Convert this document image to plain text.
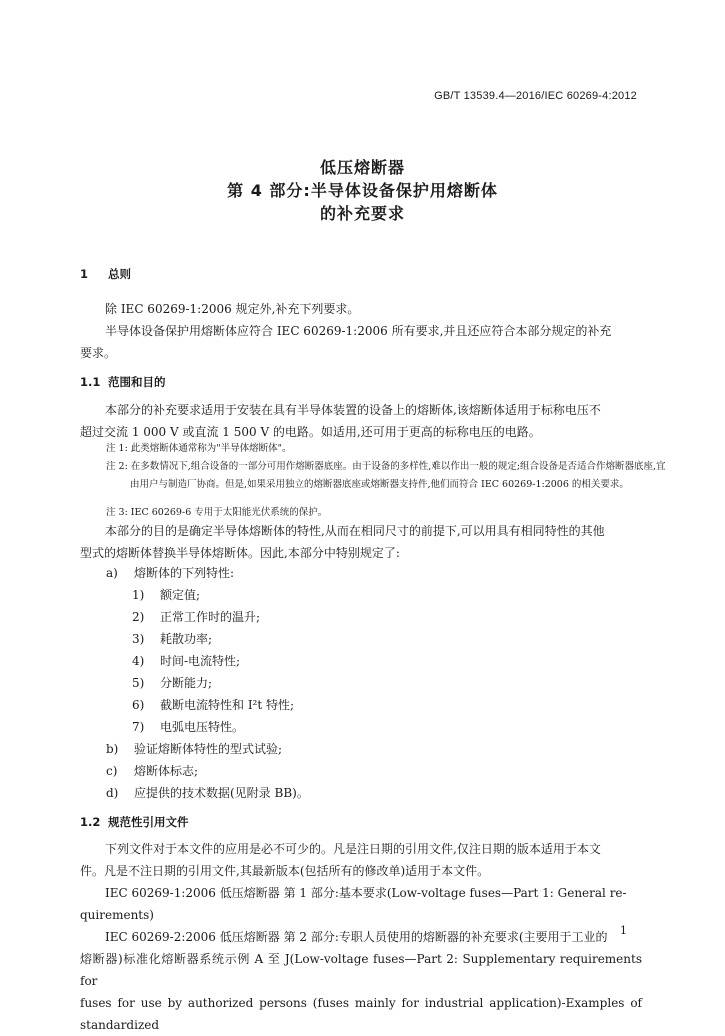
GB/T 13539.4—2016/IEC 60269-4:2012
低压熔断器
第 4 部分:半导体设备保护用熔断体
的补充要求
1 总则
除 IEC 60269-1:2006 规定外,补充下列要求。
半导体设备保护用熔断体应符合 IEC 60269-1:2006 所有要求,并且还应符合本部分规定的补充
要求。
1.1 范围和目的
本部分的补充要求适用于安装在具有半导体装置的设备上的熔断体,该熔断体适用于标称电压不
超过交流 1 000 V 或直流 1 500 V 的电路。如适用,还可用于更高的标称电压的电路。
注 1: 此类熔断体通常称为"半导体熔断体"。
注 2: 在多数情况下,组合设备的一部分可用作熔断器底座。由于设备的多样性,难以作出一般的规定;组合设备是否适合作熔断器底座,宜由用户与制造厂协商。但是,如果采用独立的熔断器底座或熔断器支持件,他们而符合 IEC 60269-1:2006 的相关要求。
注 3: IEC 60269-6 专用于太阳能光伏系统的保护。
本部分的目的是确定半导体熔断体的特性,从而在相同尺寸的前提下,可以用具有相同特性的其他
型式的熔断体替换半导体熔断体。因此,本部分中特别规定了:
a) 熔断体的下列特性:
1) 额定值;
2) 正常工作时的温升;
3) 耗散功率;
4) 时间-电流特性;
5) 分断能力;
6) 截断电流特性和 I²t 特性;
7) 电弧电压特性。
b) 验证熔断体特性的型式试验;
c) 熔断体标志;
d) 应提供的技术数据(见附录 BB)。
1.2 规范性引用文件
下列文件对于本文件的应用是必不可少的。凡是注日期的引用文件,仅注日期的版本适用于本文
件。凡是不注日期的引用文件,其最新版本(包括所有的修改单)适用于本文件。
IEC 60269-1:2006 低压熔断器 第 1 部分:基本要求(Low-voltage fuses—Part 1: General re-
quirements)
IEC 60269-2:2006 低压熔断器 第 2 部分:专职人员使用的熔断器的补充要求(主要用于工业的
熔断器)标准化熔断器系统示例 A 至 J(Low-voltage fuses—Part 2: Supplementary requirements for
fuses for use by authorized persons (fuses mainly for industrial application)-Examples of standardized
1
